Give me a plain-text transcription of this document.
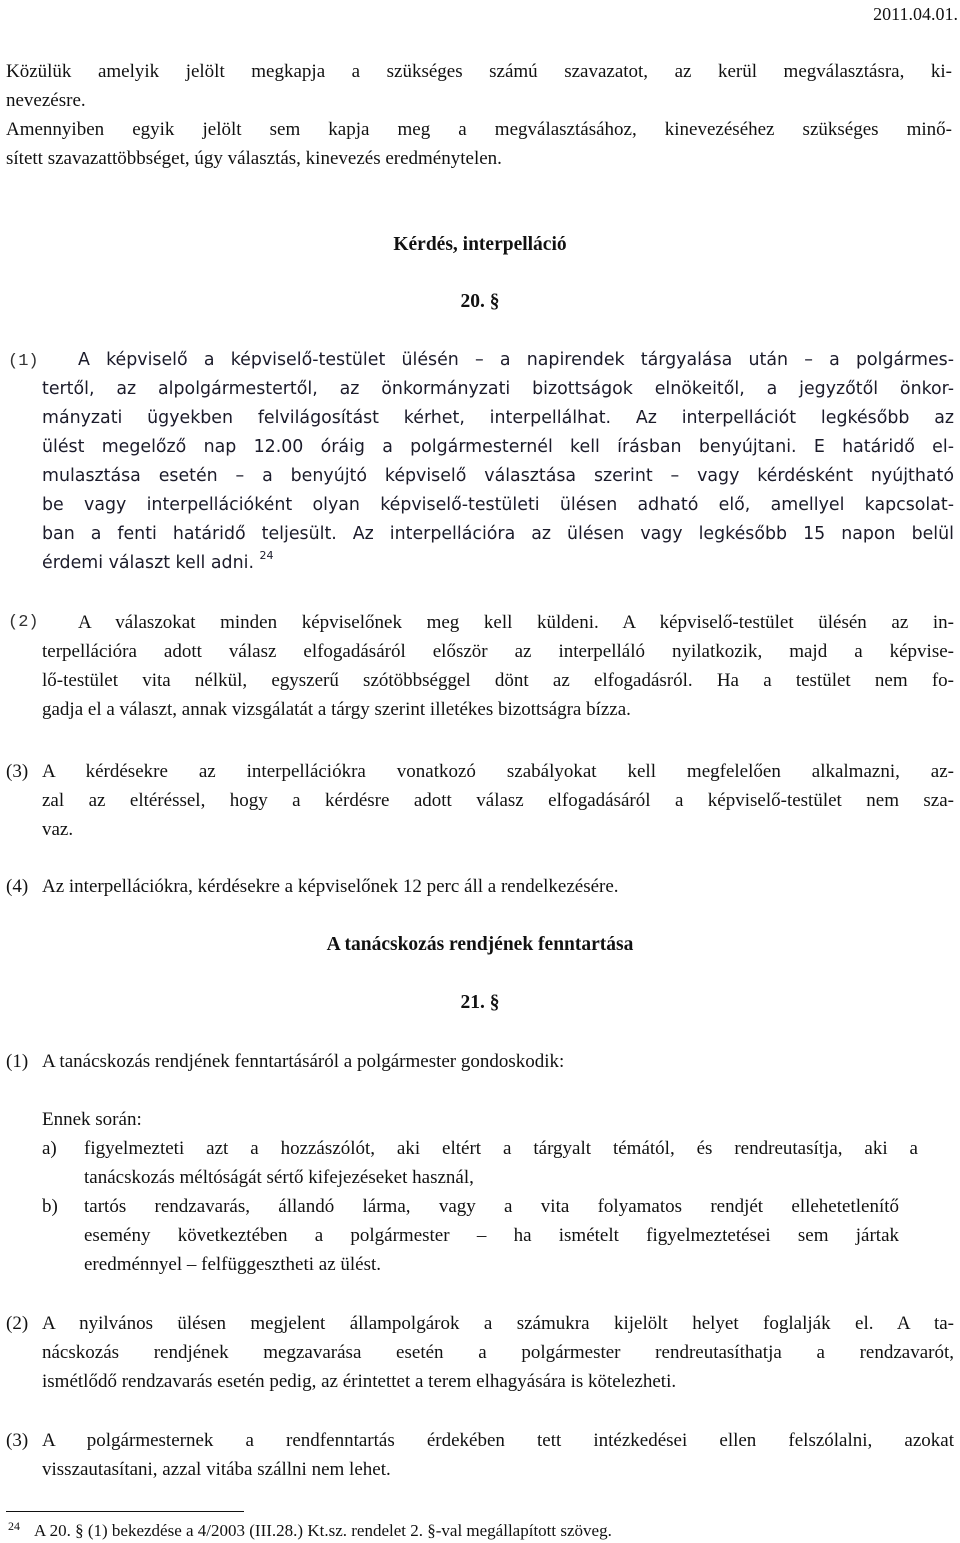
2011.04.01.
Közülük amelyik jelölt megkapja a szükséges számú szavazatot, az kerül megválasztásra, ki-
nevezésre.
Amennyiben egyik jelölt sem kapja meg a megválasztásához, kinevezéséhez szükséges minő-
sített szavazattöbbséget, úgy választás, kinevezés eredménytelen.
Kérdés, interpelláció
20. §
(1)	A képviselő a képviselő-testület ülésén – a napirendek tárgyalása után – a polgármes-
tertől, az alpolgármestertől, az önkormányzati bizottságok elnökeitől, a jegyzőtől önkor-
mányzati ügyekben felvilágosítást kérhet, interpellálhat. Az interpellációt legkésőbb az
ülést megelőző nap 12.00 óráig a polgármesternél kell írásban benyújtani. E határidő el-
mulasztása esetén – a benyújtó képviselő választása szerint – vagy kérdésként nyújtható
be vagy interpellációként olyan képviselő-testületi ülésen adható elő, amellyel kapcsolat-
ban a fenti határidő teljesült. Az interpellációra az ülésen vagy legkésőbb 15 napon belül
érdemi választ kell adni. $^{24}$
(2)	A válaszokat minden képviselőnek meg kell küldeni. A képviselő-testület ülésén az in-
terpellációra adott válasz elfogadásáról először az interpelláló nyilatkozik, majd a képvise-
lő-testület vita nélkül, egyszerű szótöbbséggel dönt az elfogadásról. Ha a testület nem fo-
gadja el a választ, annak vizsgálatát a tárgy szerint illetékes bizottságra bízza.
(3) A kérdésekre az interpellációkra vonatkozó szabályokat kell megfelelően alkalmazni, az-
zal az eltéréssel, hogy a kérdésre adott válasz elfogadásáról a képviselő-testület nem sza-
vaz.
(4) Az interpellációkra, kérdésekre a képviselőnek 12 perc áll a rendelkezésére.
A tanácskozás rendjének fenntartása
21. §
(1) A tanácskozás rendjének fenntartásáról a polgármester gondoskodik:
Ennek során:
a) figyelmezteti azt a hozzászólót, aki eltért a tárgyalt témától, és rendreutasítja, aki a
tanácskozás méltóságát sértő kifejezéseket használ,
b) tartós rendzavarás, állandó lárma, vagy a vita folyamatos rendjét ellehetetlenítő
esemény következtében a polgármester – ha ismételt figyelmeztetései sem jártak
eredménnyel – felfüggesztheti az ülést.
(2) A nyilvános ülésen megjelent állampolgárok a számukra kijelölt helyet foglalják el. A ta-
nácskozás rendjének megzavarása esetén a polgármester rendreutasíthatja a rendzavarót,
ismétlődő rendzavarás esetén pedig, az érintettet a terem elhagyására is kötelezheti.
(3) A polgármesternek a rendfenntartás érdekében tett intézkedései ellen felszólalni, azokat
visszautasítani, azzal vitába szállni nem lehet.
24 A 20. § (1) bekezdése a 4/2003 (III.28.) Kt.sz. rendelet 2. §-val megállapított szöveg.
